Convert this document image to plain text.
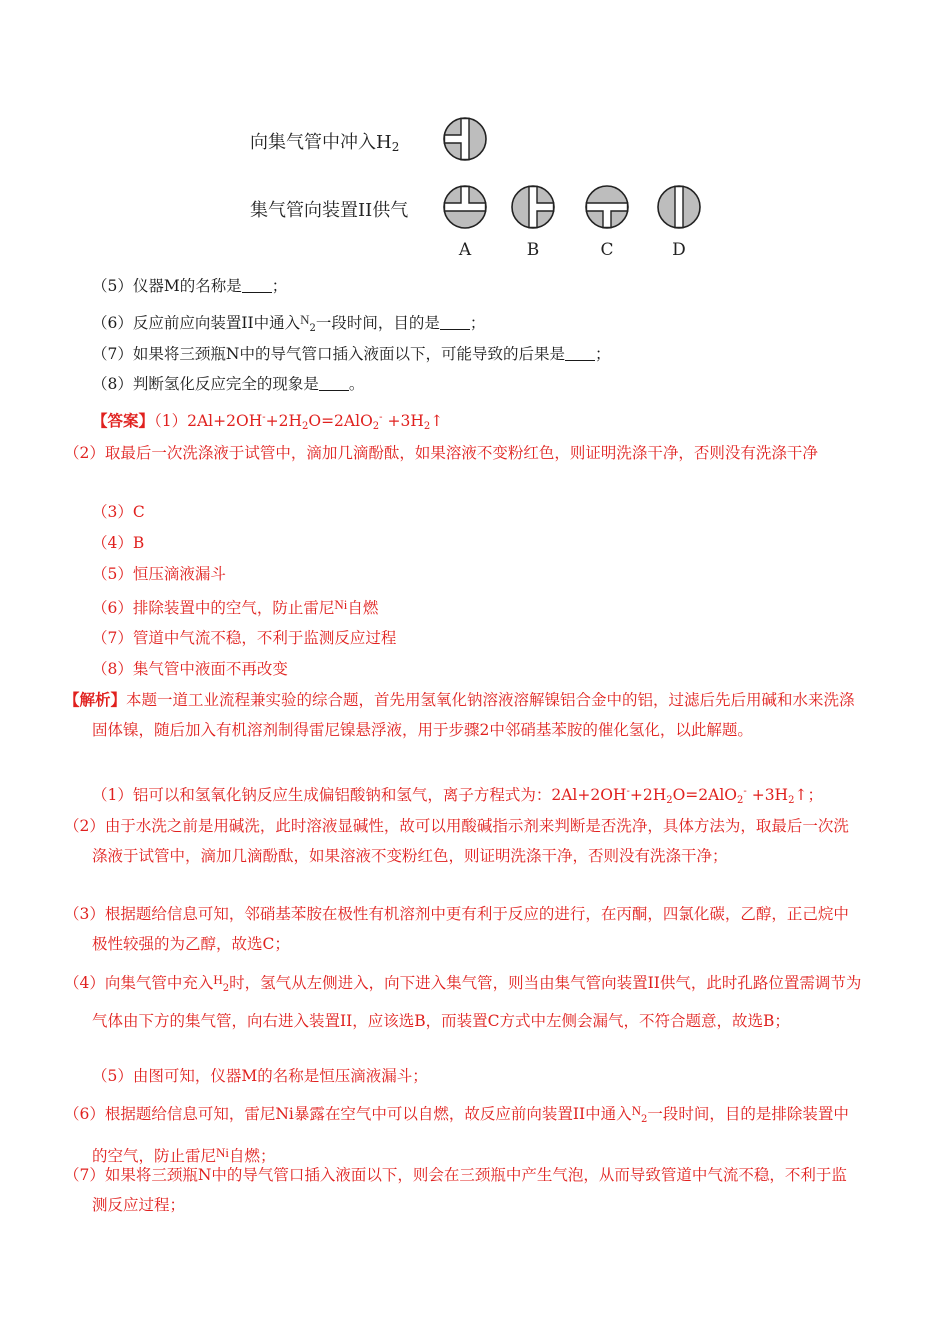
向集气管中冲入$H_2$
集气管向装置II供气
A	B	C	D
（5）仪器M的名称是 ；
（6）反应前应向装置II中通入$^N_2$一段时间，目的是 ；
（7）如果将三颈瓶N中的导气管口插入液面以下，可能导致的后果是 ；
（8）判断氢化反应完全的现象是 。
【答案】$(1)2Al+2OH^-+2H_2O=2AlO_2^-$ $+3H_2↑$
（2）取最后一次洗涤液于试管中，滴加几滴酚酞，如果溶液不变粉红色，则证明洗涤干净，否则没有洗涤干净
（3）C
（4）B
（5）恒压滴液漏斗
（6）排除装置中的空气，防止雷尼$^{Ni}$自燃
（7）管道中气流不稳，不利于监测反应过程
（8）集气管中液面不再改变
【解析】本题一道工业流程兼实验的综合题，首先用氢氧化钠溶液溶解镍铝合金中的铝，过滤后先后用碱和水来洗涤固体镍，随后加入有机溶剂制得雷尼镍悬浮液，用于步骤2中邻硝基苯胺的催化氢化，以此解题。
（1）铝可以和氢氧化钠反应生成偏铝酸钠和氢气，离子方程式为：$2Al+2OH^-+2H_2O=2AlO_2^-$ $+3H_2↑$；
（2）由于水洗之前是用碱洗，此时溶液显碱性，故可以用酸碱指示剂来判断是否洗净，具体方法为，取最后一次洗涤液于试管中，滴加几滴酚酞，如果溶液不变粉红色，则证明洗涤干净，否则没有洗涤干净；
（3）根据题给信息可知，邻硝基苯胺在极性有机溶剂中更有利于反应的进行，在丙酮，四氯化碳，乙醇，正己烷中极性较强的为乙醇，故选C；
（4）向集气管中充入$^H_2$时，氢气从左侧进入，向下进入集气管，则当由集气管向装置II供气，此时孔路位置需调节为气体由下方的集气管，向右进入装置II，应该选B，而装置C方式中左侧会漏气，不符合题意，故选B；
（5）由图可知，仪器M的名称是恒压滴液漏斗；
（6）根据题给信息可知，雷尼Ni暴露在空气中可以自燃，故反应前向装置II中通入$^N_2$一段时间，目的是排除装置中的空气，防止雷尼$^{Ni}$自燃；
（7）如果将三颈瓶N中的导气管口插入液面以下，则会在三颈瓶中产生气泡，从而导致管道中气流不稳，不利于监测反应过程；
